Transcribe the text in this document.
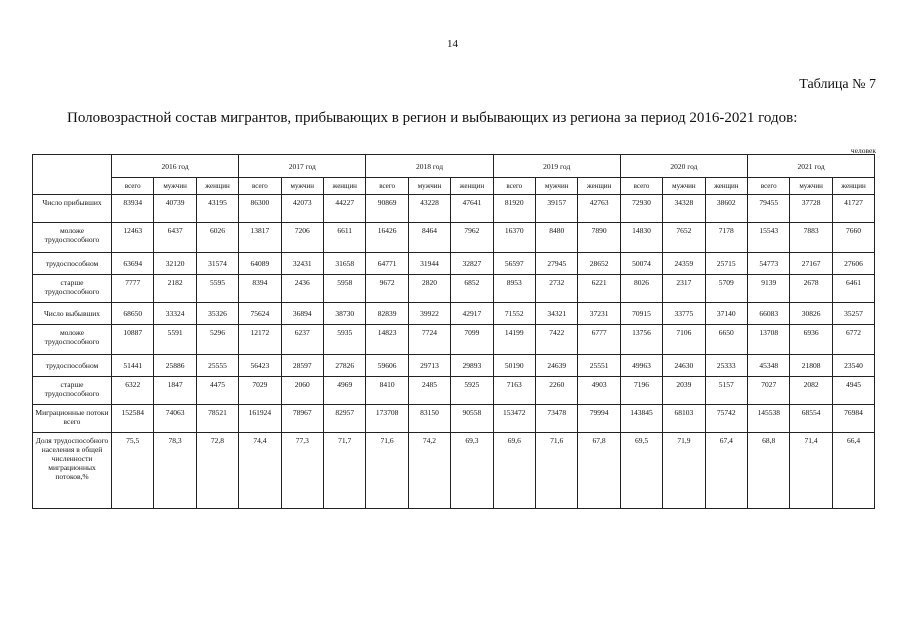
14
Таблица № 7
Половозрастной состав мигрантов, прибывающих в регион и выбывающих из региона за период 2016-2021 годов:
человек
	2016 год			2017 год			2018 год			2019 год			2020 год			2021 год		
	всего	мужчин	женщин	всего	мужчин	женщин	всего	мужчин	женщин	всего	мужчин	женщин	всего	мужчин	женщин	всего	мужчин	женщин
Число прибывших	83934	40739	43195	86300	42073	44227	90869	43228	47641	81920	39157	42763	72930	34328	38602	79455	37728	41727
моложе трудоспособного	12463	6437	6026	13817	7206	6611	16426	8464	7962	16370	8480	7890	14830	7652	7178	15543	7883	7660
трудоспособном	63694	32120	31574	64089	32431	31658	64771	31944	32827	56597	27945	28652	50074	24359	25715	54773	27167	27606
старше трудоспособного	7777	2182	5595	8394	2436	5958	9672	2820	6852	8953	2732	6221	8026	2317	5709	9139	2678	6461
Число выбывших	68650	33324	35326	75624	36894	38730	82839	39922	42917	71552	34321	37231	70915	33775	37140	66083	30826	35257
моложе трудоспособного	10887	5591	5296	12172	6237	5935	14823	7724	7099	14199	7422	6777	13756	7106	6650	13708	6936	6772
трудоспособном	51441	25886	25555	56423	28597	27826	59606	29713	29893	50190	24639	25551	49963	24630	25333	45348	21808	23540
старше трудоспособного	6322	1847	4475	7029	2060	4969	8410	2485	5925	7163	2260	4903	7196	2039	5157	7027	2082	4945
Миграционные потоки всего	152584	74063	78521	161924	78967	82957	173708	83150	90558	153472	73478	79994	143845	68103	75742	145538	68554	76984
Доля трудоспособного населения в общей численности миграционных потоков,%	75,5	78,3	72,8	74,4	77,3	71,7	71,6	74,2	69,3	69,6	71,6	67,8	69,5	71,9	67,4	68,8	71,4	66,4
